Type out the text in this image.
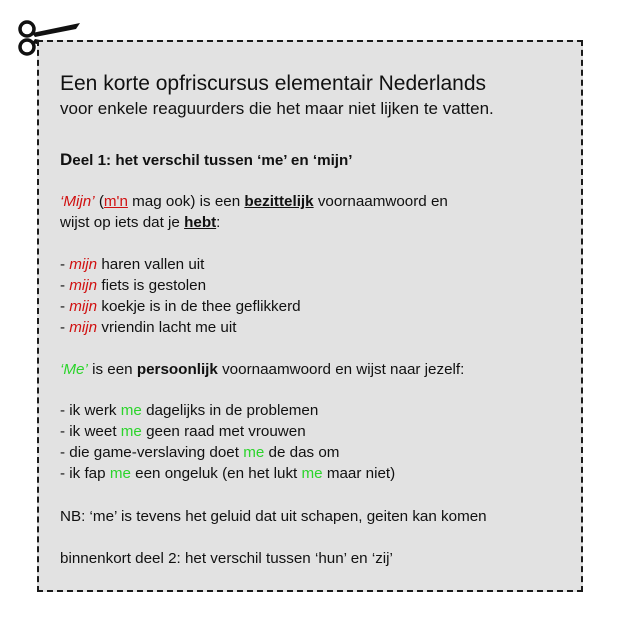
Een korte opfriscursus elementair Nederlands
voor enkele reaguurders die het maar niet lijken te vatten.
Deel 1: het verschil tussen ‘me’ en ‘mijn’
‘Mijn’ (m'n mag ook) is een bezittelijk voornaamwoord en
wijst op iets dat je hebt:
- mijn haren vallen uit
- mijn fiets is gestolen
- mijn koekje is in de thee geflikkerd
- mijn vriendin lacht me uit
‘Me’ is een persoonlijk voornaamwoord en wijst naar jezelf:
- ik werk me dagelijks in de problemen
- ik weet me geen raad met vrouwen
- die game-verslaving doet me de das om
- ik fap me een ongeluk (en het lukt me maar niet)
NB: ‘me’ is tevens het geluid dat uit schapen, geiten kan komen
binnenkort deel 2: het verschil tussen ‘hun’ en ‘zij’
